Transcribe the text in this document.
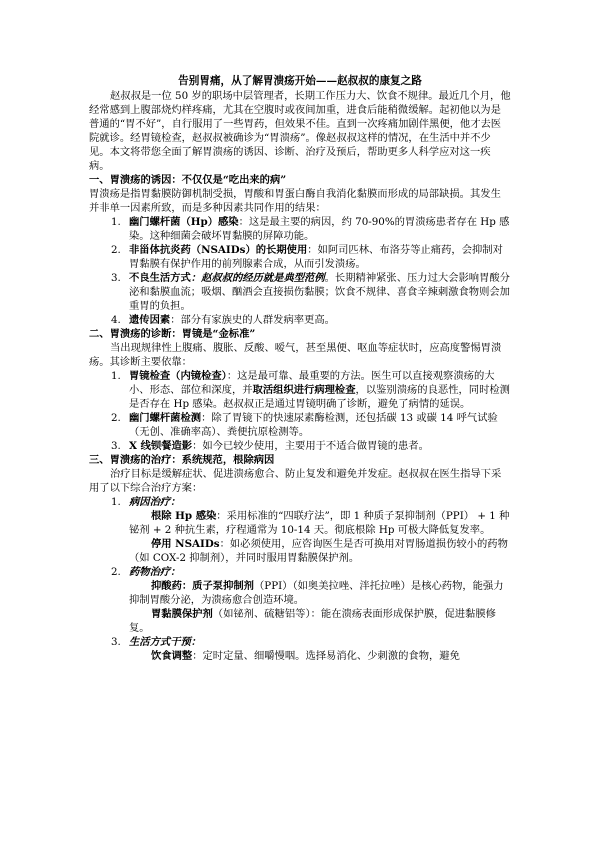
告别胃痛，从了解胃溃疡开始——赵叔叔的康复之路

赵叔叔是一位 50 岁的职场中层管理者，长期工作压力大、饮食不规律。最近几个月，他经常感到上腹部烧灼样疼痛，尤其在空腹时或夜间加重，进食后能稍微缓解。起初他以为是普通的“胃不好”，自行服用了一些胃药，但效果不佳。直到一次疼痛加剧伴黑便，他才去医院就诊。经胃镜检查，赵叔叔被确诊为“胃溃疡”。像赵叔叔这样的情况，在生活中并不少见。本文将带您全面了解胃溃疡的诱因、诊断、治疗及预后，帮助更多人科学应对这一疾病。

一、胃溃疡的诱因：不仅仅是“吃出来的病”

胃溃疡是指胃黏膜防御机制受损，胃酸和胃蛋白酶自我消化黏膜而形成的局部缺损。其发生并非单一因素所致，而是多种因素共同作用的结果：

1. 幽门螺杆菌（Hp）感染：这是最主要的病因，约 70-90%的胃溃疡患者存在 Hp 感染。这种细菌会破坏胃黏膜的屏障功能。
2. 非甾体抗炎药（NSAIDs）的长期使用：如阿司匹林、布洛芬等止痛药，会抑制对胃黏膜有保护作用的前列腺素合成，从而引发溃疡。
3. 不良生活方式：赵叔叔的经历就是典型范例。长期精神紧张、压力过大会影响胃酸分泌和黏膜血流；吸烟、酗酒会直接损伤黏膜；饮食不规律、喜食辛辣刺激食物则会加重胃的负担。
4. 遗传因素：部分有家族史的人群发病率更高。

二、胃溃疡的诊断：胃镜是“金标准”

当出现规律性上腹痛、腹胀、反酸、嗳气，甚至黑便、呕血等症状时，应高度警惕胃溃疡。其诊断主要依靠：

1. 胃镜检查（内镜检查）：这是最可靠、最重要的方法。医生可以直接观察溃疡的大小、形态、部位和深度，并取活组织进行病理检查，以鉴别溃疡的良恶性，同时检测是否存在 Hp 感染。赵叔叔正是通过胃镜明确了诊断，避免了病情的延误。
2. 幽门螺杆菌检测：除了胃镜下的快速尿素酶检测，还包括碳 13 或碳 14 呼气试验（无创、准确率高）、粪便抗原检测等。
3. X 线钡餐造影：如今已较少使用，主要用于不适合做胃镜的患者。

三、胃溃疡的治疗：系统规范，根除病因

治疗目标是缓解症状、促进溃疡愈合、防止复发和避免并发症。赵叔叔在医生指导下采用了以下综合治疗方案：

1. 病因治疗：

根除 Hp 感染：采用标准的“四联疗法”，即 1 种质子泵抑制剂（PPI） + 1 种铋剂 + 2 种抗生素，疗程通常为 10-14 天。彻底根除 Hp 可极大降低复发率。

停用 NSAIDs：如必须使用，应咨询医生是否可换用对胃肠道损伤较小的药物（如 COX-2 抑制剂），并同时服用胃黏膜保护剂。

2. 药物治疗：

抑酸药：质子泵抑制剂（PPI）（如奥美拉唑、泮托拉唑）是核心药物，能强力抑制胃酸分泌，为溃疡愈合创造环境。

胃黏膜保护剂（如铋剂、硫糖铝等）：能在溃疡表面形成保护膜，促进黏膜修复。

3. 生活方式干预：

饮食调整：定时定量、细嚼慢咽。选择易消化、少刺激的食物，避免
